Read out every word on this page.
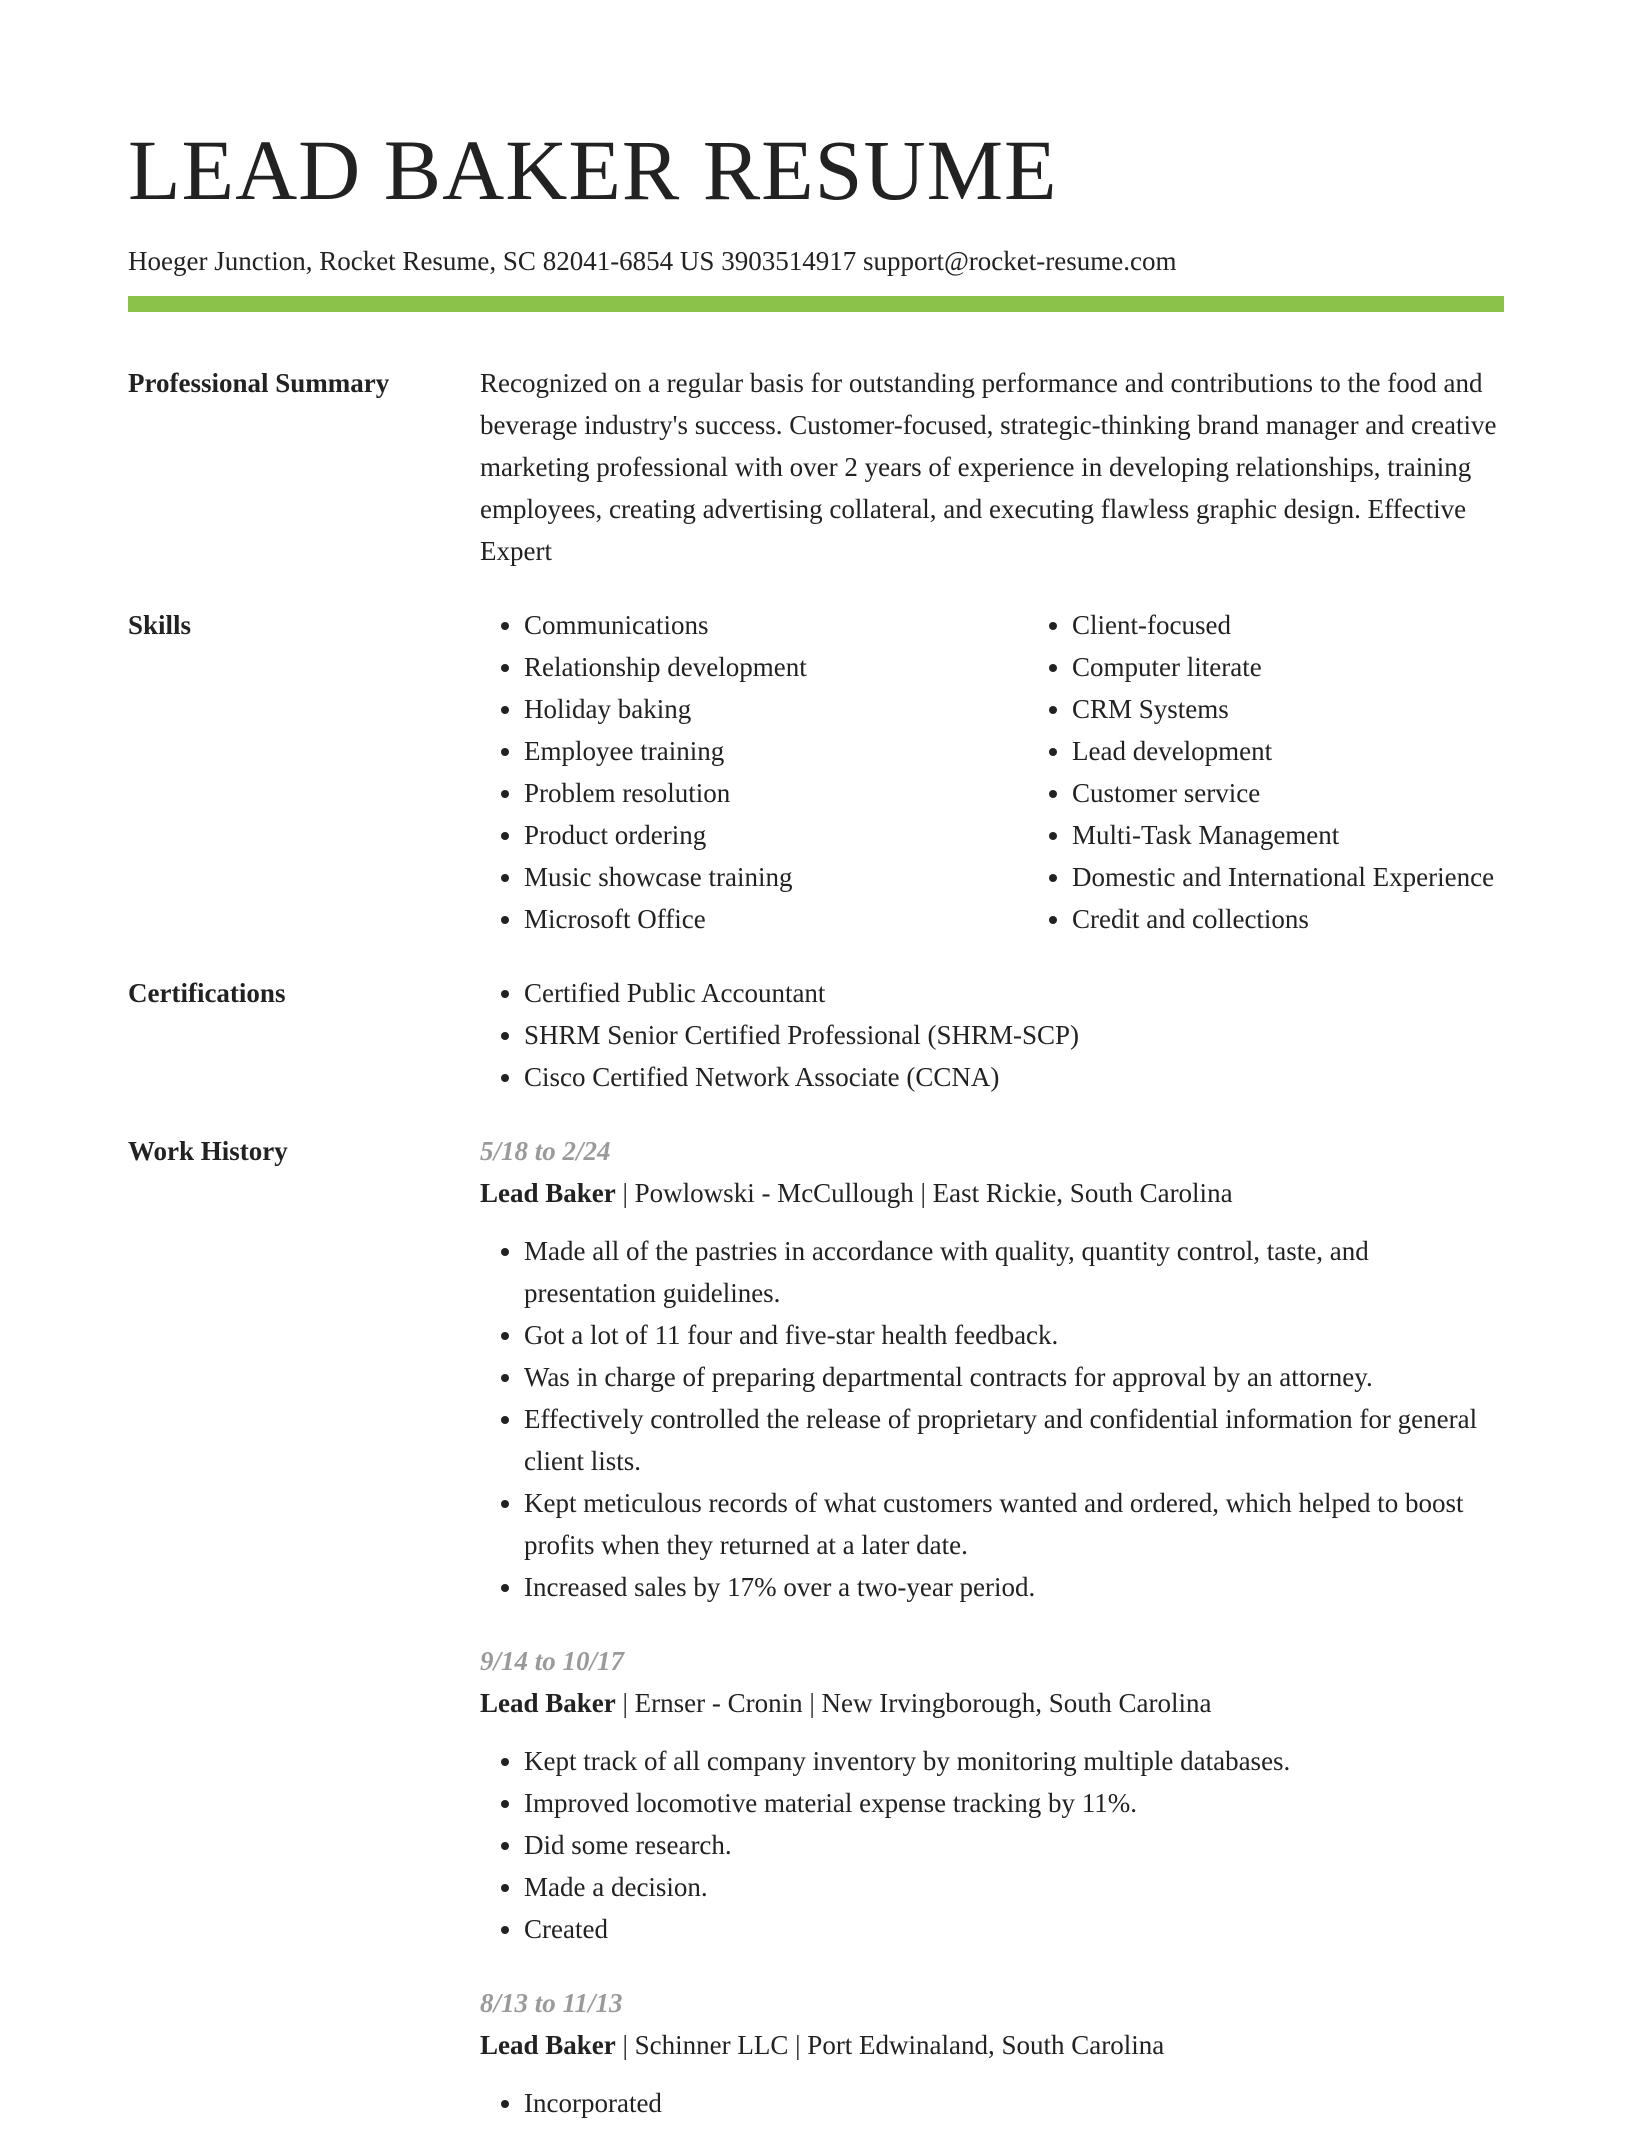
LEAD BAKER RESUME
Hoeger Junction, Rocket Resume, SC 82041-6854 US 3903514917 support@rocket-resume.com
Professional Summary	Recognized on a regular basis for outstanding performance and contributions to the food and beverage industry's success. Customer-focused, strategic-thinking brand manager and creative marketing professional with over 2 years of experience in developing relationships, training employees, creating advertising collateral, and executing flawless graphic design. Effective Expert

Skills	• Communications
• Relationship development
• Holiday baking
• Employee training
• Problem resolution
• Product ordering
• Music showcase training
• Microsoft Office
• Client-focused
• Computer literate
• CRM Systems
• Lead development
• Customer service
• Multi-Task Management
• Domestic and International Experience
• Credit and collections
Certifications	• Certified Public Accountant
• SHRM Senior Certified Professional (SHRM-SCP)
• Cisco Certified Network Associate (CCNA)
Work History	5/18 to 2/24
Lead Baker | Powlowski - McCullough | East Rickie, South Carolina
• Made all of the pastries in accordance with quality, quantity control, taste, and presentation guidelines.
• Got a lot of 11 four and five-star health feedback.
• Was in charge of preparing departmental contracts for approval by an attorney.
• Effectively controlled the release of proprietary and confidential information for general client lists.
• Kept meticulous records of what customers wanted and ordered, which helped to boost profits when they returned at a later date.
• Increased sales by 17% over a two-year period.
9/14 to 10/17
Lead Baker | Ernser - Cronin | New Irvingborough, South Carolina
• Kept track of all company inventory by monitoring multiple databases.
• Improved locomotive material expense tracking by 11%.
• Did some research.
• Made a decision.
• Created
8/13 to 11/13
Lead Baker | Schinner LLC | Port Edwinaland, South Carolina
• Incorporated
